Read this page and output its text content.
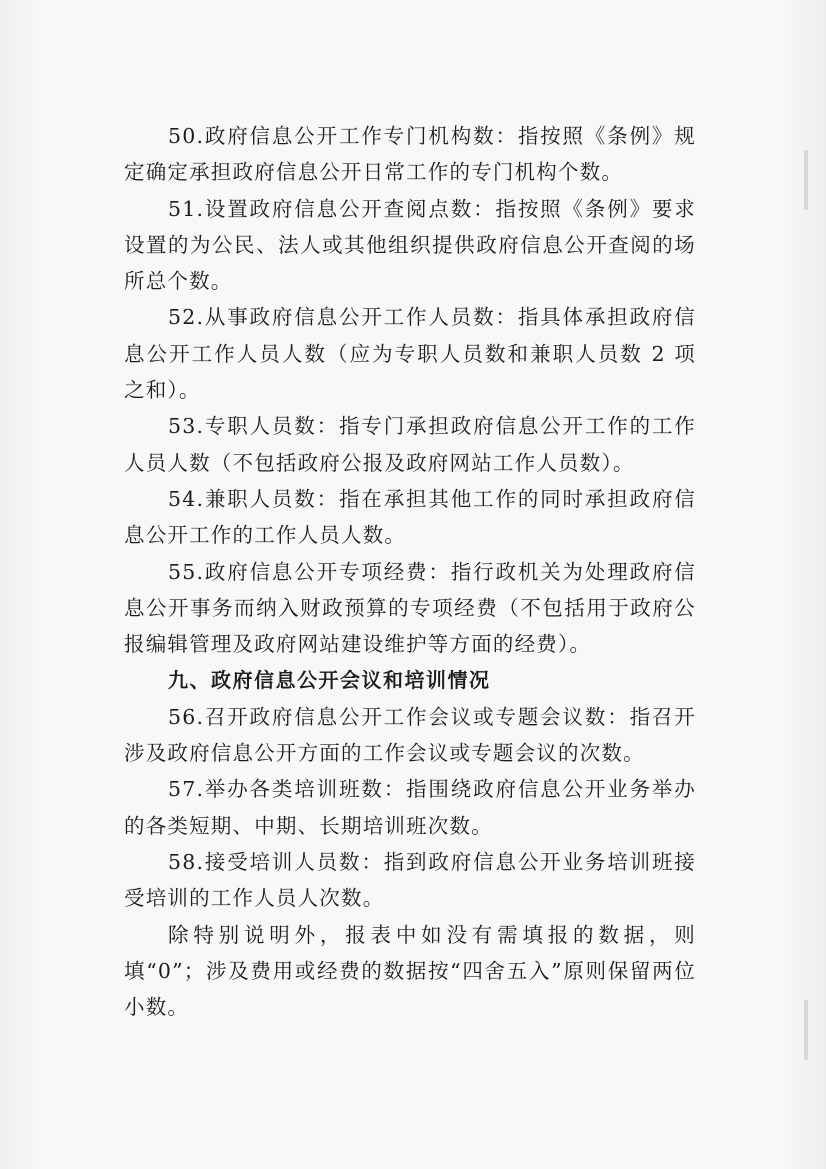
50.政府信息公开工作专门机构数：指按照《条例》规定确定承担政府信息公开日常工作的专门机构个数。

51.设置政府信息公开查阅点数：指按照《条例》要求设置的为公民、法人或其他组织提供政府信息公开查阅的场所总个数。

52.从事政府信息公开工作人员数：指具体承担政府信息公开工作人员人数（应为专职人员数和兼职人员数 2 项之和）。

53.专职人员数：指专门承担政府信息公开工作的工作人员人数（不包括政府公报及政府网站工作人员数）。

54.兼职人员数：指在承担其他工作的同时承担政府信息公开工作的工作人员人数。

55.政府信息公开专项经费：指行政机关为处理政府信息公开事务而纳入财政预算的专项经费（不包括用于政府公报编辑管理及政府网站建设维护等方面的经费）。

九、政府信息公开会议和培训情况

56.召开政府信息公开工作会议或专题会议数：指召开涉及政府信息公开方面的工作会议或专题会议的次数。

57.举办各类培训班数：指围绕政府信息公开业务举办的各类短期、中期、长期培训班次数。

58.接受培训人员数：指到政府信息公开业务培训班接受培训的工作人员人次数。

除特别说明外，报表中如没有需填报的数据，则填“0”；涉及费用或经费的数据按“四舍五入”原则保留两位小数。
